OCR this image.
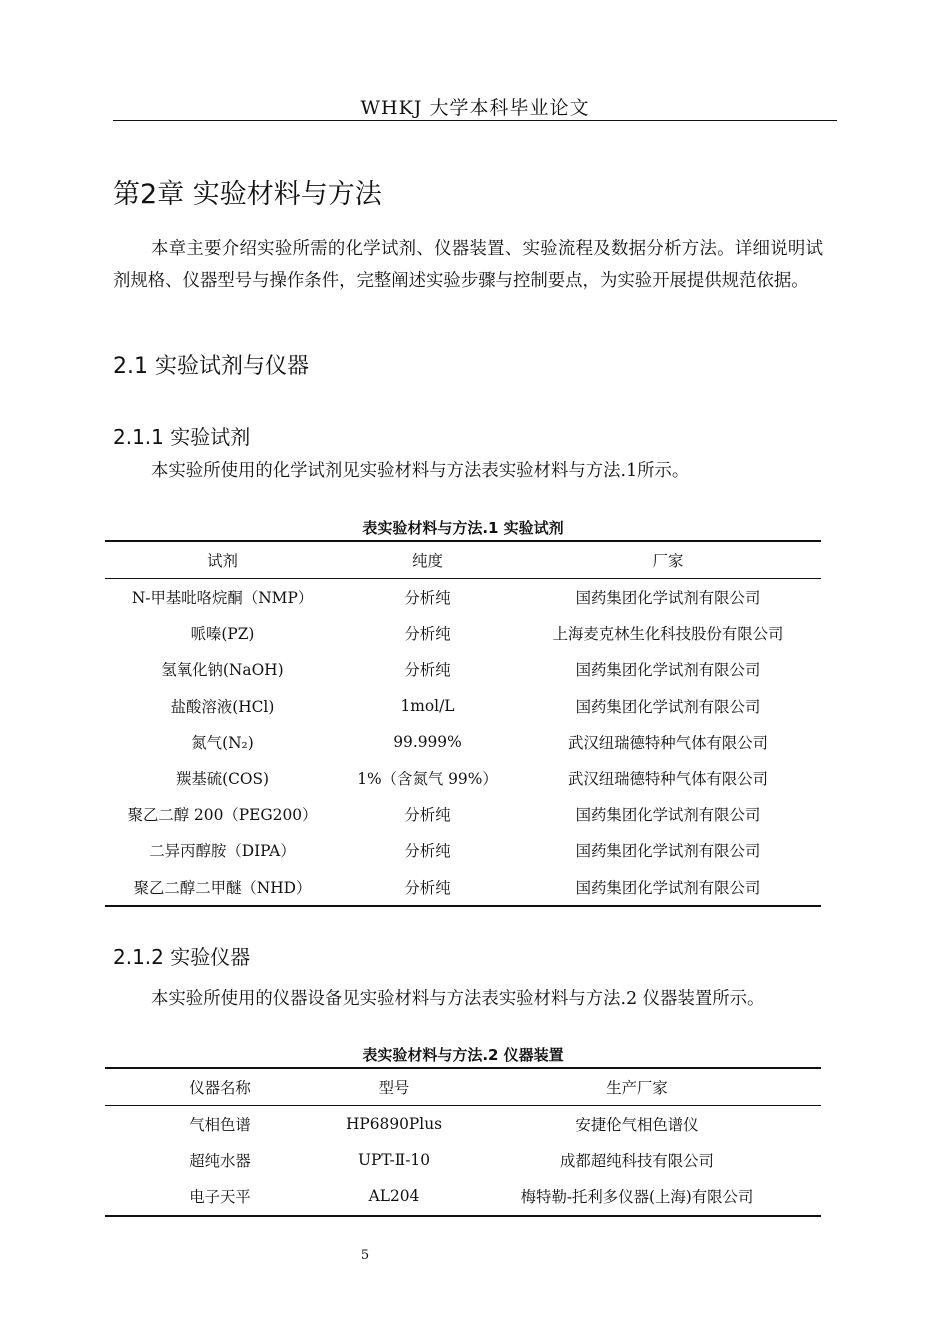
WHKJ 大学本科毕业论文
第2章 实验材料与方法

本章主要介绍实验所需的化学试剂、仪器装置、实验流程及数据分析方法。详细说明试剂规格、仪器型号与操作条件，完整阐述实验步骤与控制要点，为实验开展提供规范依据。

2.1 实验试剂与仪器
2.1.1 实验试剂

本实验所使用的化学试剂见实验材料与方法表实验材料与方法.1所示。

表实验材料与方法.1 实验试剂
试剂	纯度	厂家
N-甲基吡咯烷酮（NMP）	分析纯	国药集团化学试剂有限公司
哌嗪(PZ)	分析纯	上海麦克林生化科技股份有限公司
氢氧化钠(NaOH)	分析纯	国药集团化学试剂有限公司
盐酸溶液(HCl)	1mol/L	国药集团化学试剂有限公司
氮气(N₂)	99.999%	武汉纽瑞德特种气体有限公司
羰基硫(COS)	1%（含氮气 99%）	武汉纽瑞德特种气体有限公司
聚乙二醇 200（PEG200）	分析纯	国药集团化学试剂有限公司
二异丙醇胺（DIPA）	分析纯	国药集团化学试剂有限公司
聚乙二醇二甲醚（NHD）	分析纯	国药集团化学试剂有限公司
2.1.2 实验仪器

本实验所使用的仪器设备见实验材料与方法表实验材料与方法.2 仪器装置所示。

表实验材料与方法.2 仪器装置
仪器名称	型号	生产厂家
气相色谱	HP6890Plus	安捷伦气相色谱仪
超纯水器	UPT-Ⅱ-10	成都超纯科技有限公司
电子天平	AL204	梅特勒-托利多仪器(上海)有限公司
5
